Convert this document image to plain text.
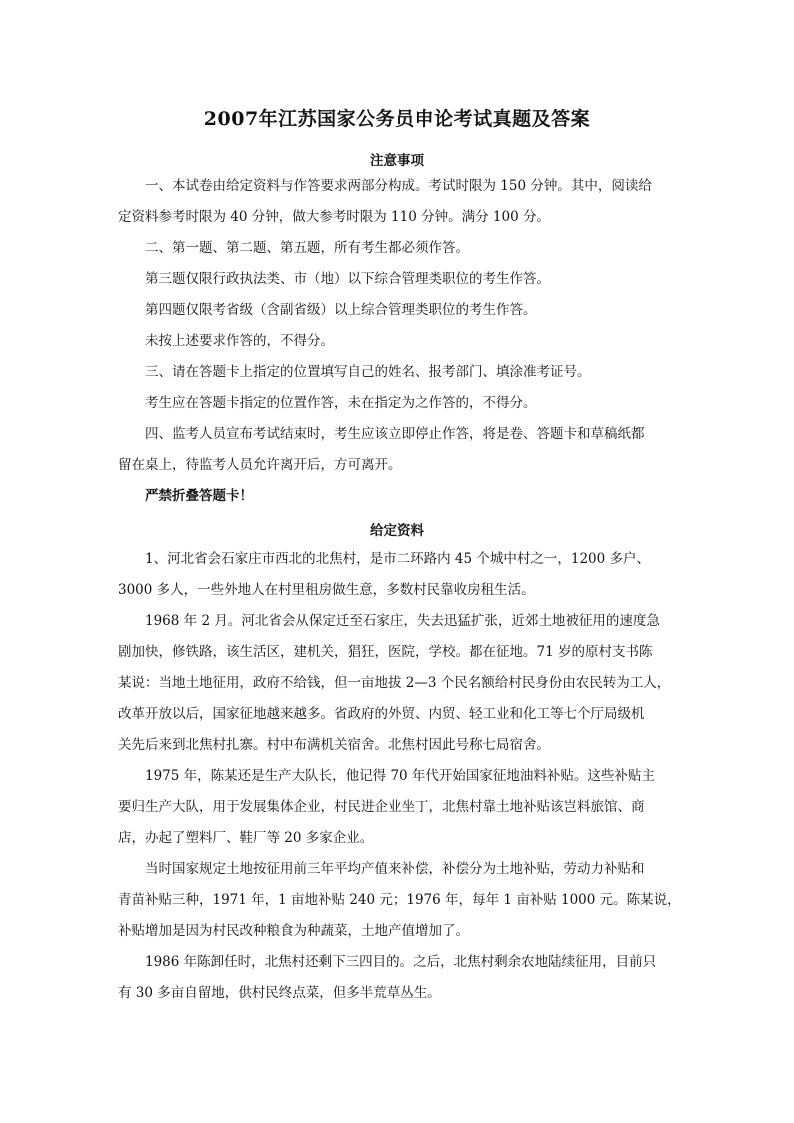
2007年江苏国家公务员申论考试真题及答案
注意事项
一、本试卷由给定资料与作答要求两部分构成。考试时限为 150 分钟。其中，阅读给
定资料参考时限为 40 分钟，做大参考时限为 110 分钟。满分 100 分。
二、第一题、第二题、第五题，所有考生都必须作答。
第三题仅限行政执法类、市（地）以下综合管理类职位的考生作答。
第四题仅限考省级（含副省级）以上综合管理类职位的考生作答。
未按上述要求作答的，不得分。
三、请在答题卡上指定的位置填写自己的姓名、报考部门、填涂准考证号。
考生应在答题卡指定的位置作答，未在指定为之作答的，不得分。
四、监考人员宣布考试结束时，考生应该立即停止作答，将是卷、答题卡和草稿纸都
留在桌上，待监考人员允许离开后，方可离开。
严禁折叠答题卡！
给定资料
1、河北省会石家庄市西北的北焦村，是市二环路内 45 个城中村之一，1200 多户、
3000 多人，一些外地人在村里租房做生意，多数村民靠收房租生活。
1968 年 2 月。河北省会从保定迁至石家庄，失去迅猛扩张，近郊土地被征用的速度急
剧加快，修铁路，该生活区，建机关，猖狂，医院，学校。都在征地。71 岁的原村支书陈
某说：当地土地征用，政府不给钱，但一亩地拔 2—3 个民名额给村民身份由农民转为工人，
改革开放以后，国家征地越来越多。省政府的外贸、内贸、轻工业和化工等七个厅局级机
关先后来到北焦村扎寨。村中布满机关宿舍。北焦村因此号称七局宿舍。
1975 年，陈某还是生产大队长，他记得 70 年代开始国家征地油料补贴。这些补贴主
要归生产大队，用于发展集体企业，村民进企业坐丁，北焦村靠土地补贴该岂料旅馆、商
店，办起了塑料厂、鞋厂等 20 多家企业。
当时国家规定土地按征用前三年平均产值来补偿，补偿分为土地补贴，劳动力补贴和
青苗补贴三种，1971 年，1 亩地补贴 240 元；1976 年，每年 1 亩补贴 1000 元。陈某说，
补贴增加是因为村民改种粮食为种蔬菜，土地产值增加了。
1986 年陈卸任时，北焦村还剩下三四目的。之后，北焦村剩余农地陆续征用，目前只
有 30 多亩自留地，供村民终点菜，但多半荒草丛生。
